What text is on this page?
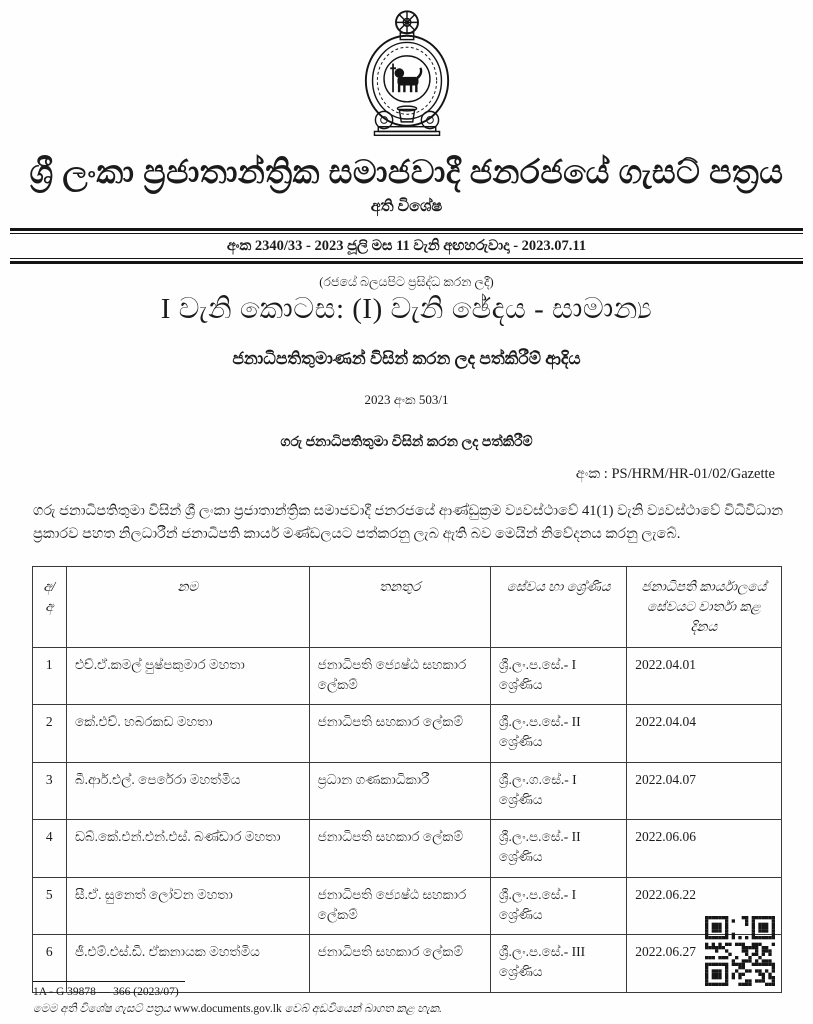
ශ්‍රී ලංකා ප්‍රජාතාන්ත්‍රික සමාජවාදී ජනරජයේ ගැසට් පත්‍රය
අති විශේෂ
අංක 2340/33 - 2023 ජූලි මස 11 වැනි අඟහරුවාදා - 2023.07.11
(රජයේ බලයපිට ප්‍රසිද්ධ කරන ලදී)
I වැනි කොටස: (I) වැනි ඡේදය - සාමාන්‍ය
ජනාධිපතිතුමාණන් විසින් කරන ලද පත්කිරීම් ආදිය
2023 අංක 503/1
ගරු ජනාධිපතිතුමා විසින් කරන ලද පත්කිරීම්
අංක : PS/HRM/HR-01/02/Gazette
ගරු ජනාධිපතිතුමා විසින් ශ්‍රී ලංකා ප්‍රජාතාන්ත්‍රික සමාජවාදී ජනරජයේ ආණ්ඩුක්‍රම ව්‍යවස්ථාවේ 41(1) වැනි ව්‍යවස්ථාවේ විධිවිධාන ප්‍රකාරව පහත නිලධාරීන් ජනාධිපති කාර්ය මණ්ඩලයට පත්කරනු ලැබ ඇති බව මෙයින් නිවේදනය කරනු ලැබේ.
අ/අ	නම	තනතුර	සේවය හා ශ්‍රේණිය	ජනාධිපති කාර්යාලයේ සේවයට වාර්තා කළ දිනය
1	එච්.ඒ.කමල් පුෂ්පකුමාර මහතා	ජනාධිපති ජ්‍යෙෂ්ඨ සහකාර ලේකම්	ශ්‍රී.ලං.ප.සේ.- I ශ්‍රේණිය	2022.04.01
2	කේ.එච්. හබරකඩ මහතා	ජනාධිපති සහකාර ලේකම්	ශ්‍රී.ලං.ප.සේ.- II ශ්‍රේණිය	2022.04.04
3	බී.ආර්.එල්. පෙරේරා මහත්මිය	ප්‍රධාන ගණකාධිකාරී	ශ්‍රී.ලං.ග.සේ.- I ශ්‍රේණිය	2022.04.07
4	ඩබ්.කේ.එන්.එන්.එස්. බණ්ඩාර මහතා	ජනාධිපති සහකාර ලේකම්	ශ්‍රී.ලං.ප.සේ.- II ශ්‍රේණිය	2022.06.06
5	සී.ඒ. සුනෙත් ලෝවන මහතා	ජනාධිපති ජ්‍යෙෂ්ඨ සහකාර ලේකම්	ශ්‍රී.ලං.ප.සේ.- I ශ්‍රේණිය	2022.06.22
6	ජී.එම්.එස්.ඩී. ඒකනායක මහත්මිය	ජනාධිපති සහකාර ලේකම්	ශ්‍රී.ලං.ප.සේ.- III ශ්‍රේණිය	2022.06.27
1A - G 39878 — 366 (2023/07)
මෙම අති විශේෂ ගැසට් පත්‍රය www.documents.gov.lk වෙබ් අඩවියෙන් බාගත කළ හැක.
